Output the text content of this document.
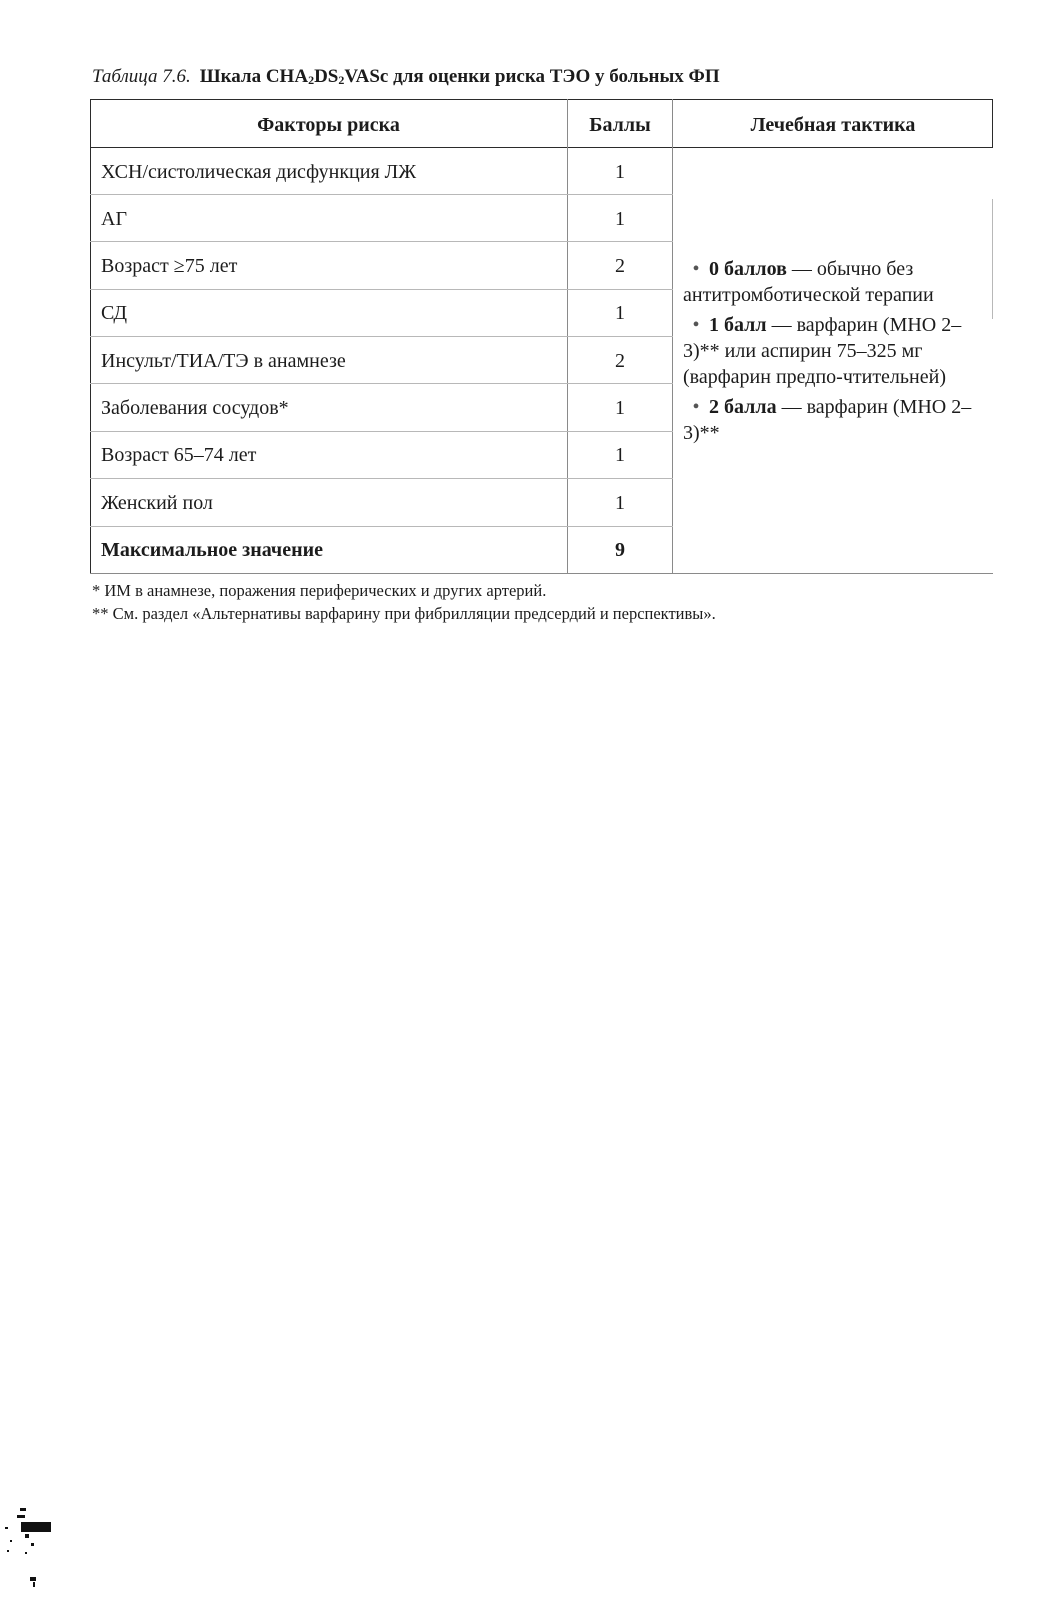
Таблица 7.6. Шкала $CHA_2DS_2VASc$ для оценки риска ТЭО у больных ФП
Факторы риска	Баллы	Лечебная тактика
ХСН/систолическая дисфункция ЛЖ	1
АГ	1
Возраст ≥75 лет	2
СД	1
Инсульт/ТИА/ТЭ в анамнезе	2
Заболевания сосудов*	1
Возраст 65–74 лет	1
Женский пол	1
Максимальное значение	9
• 0 баллов — обычно без антитромботической терапии
• 1 балл — варфарин (МНО 2–3)** или аспирин 75–325 мг (варфарин предпо-чтительней)
• 2 балла — варфарин (МНО 2–3)**
* ИМ в анамнезе, поражения периферических и других артерий.
** См. раздел «Альтернативы варфарину при фибрилляции предсердий и перспективы».
